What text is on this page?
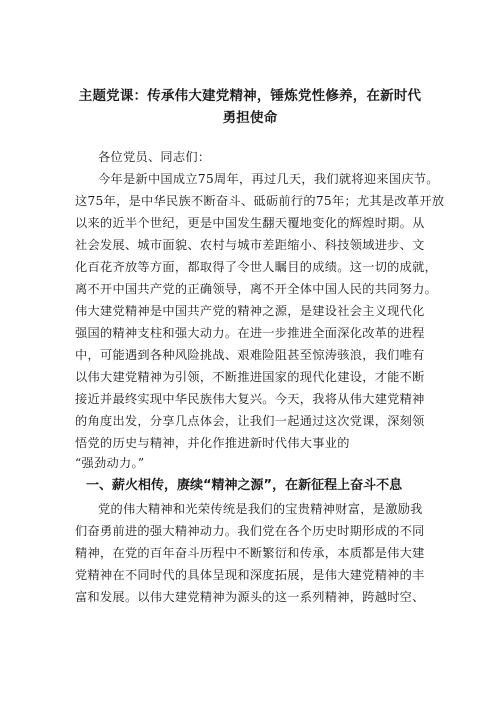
主题党课：传承伟大建党精神，锤炼党性修养，在新时代
勇担使命
各位党员、同志们：
今年是新中国成立75周年，再过几天，我们就将迎来国庆节。
这75年，是中华民族不断奋斗、砥砺前行的75年；尤其是改革开放
以来的近半个世纪，更是中国发生翻天覆地变化的辉煌时期。从
社会发展、城市面貌、农村与城市差距缩小、科技领域进步、文
化百花齐放等方面，都取得了令世人瞩目的成绩。这一切的成就，
离不开中国共产党的正确领导，离不开全体中国人民的共同努力。
伟大建党精神是中国共产党的精神之源，是建设社会主义现代化
强国的精神支柱和强大动力。在进一步推进全面深化改革的进程
中，可能遇到各种风险挑战、艰难险阻甚至惊涛骇浪，我们唯有
以伟大建党精神为引领，不断推进国家的现代化建设，才能不断
接近并最终实现中华民族伟大复兴。今天，我将从伟大建党精神
的角度出发，分享几点体会，让我们一起通过这次党课，深刻领
悟党的历史与精神，并化作推进新时代伟大事业的
“强劲动力。”
一、薪火相传，赓续“精神之源”，在新征程上奋斗不息
党的伟大精神和光荣传统是我们的宝贵精神财富，是激励我
们奋勇前进的强大精神动力。我们党在各个历史时期形成的不同
精神，在党的百年奋斗历程中不断繁衍和传承，本质都是伟大建
党精神在不同时代的具体呈现和深度拓展，是伟大建党精神的丰
富和发展。以伟大建党精神为源头的这一系列精神，跨越时空、
